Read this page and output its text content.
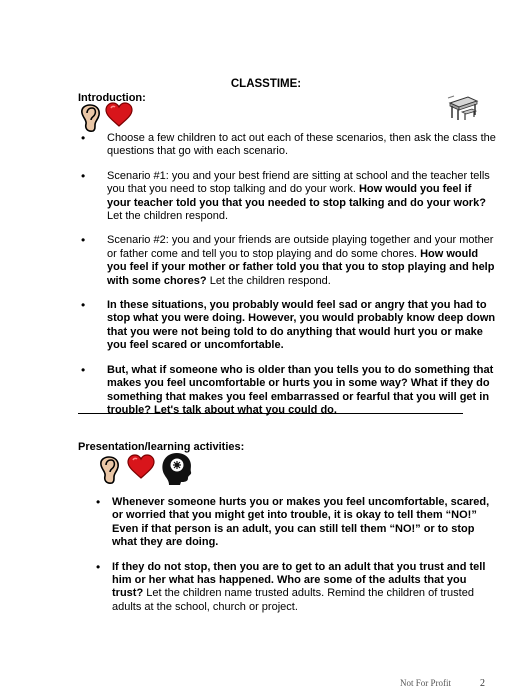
CLASSTIME:
Introduction:
• Choose a few children to act out each of these scenarios, then ask the class the questions that go with each scenario.
• Scenario #1: you and your best friend are sitting at school and the teacher tells you that you need to stop talking and do your work. How would you feel if your teacher told you that you needed to stop talking and do your work? Let the children respond.
• Scenario #2: you and your friends are outside playing together and your mother or father come and tell you to stop playing and do some chores. How would you feel if your mother or father told you that you to stop playing and help with some chores? Let the children respond.
• In these situations, you probably would feel sad or angry that you had to stop what you were doing. However, you would probably know deep down that you were not being told to do anything that would hurt you or make you feel scared or uncomfortable.
• But, what if someone who is older than you tells you to do something that makes you feel uncomfortable or hurts you in some way? What if they do something that makes you feel embarrassed or fearful that you will get in trouble? Let's talk about what you could do.
Presentation/learning activities:
• Whenever someone hurts you or makes you feel uncomfortable, scared, or worried that you might get into trouble, it is okay to tell them “NO!” Even if that person is an adult, you can still tell them “NO!” or to stop what they are doing.
• If they do not stop, then you are to get to an adult that you trust and tell him or her what has happened. Who are some of the adults that you trust? Let the children name trusted adults. Remind the children of trusted adults at the school, church or project.
Not For Profit	2
